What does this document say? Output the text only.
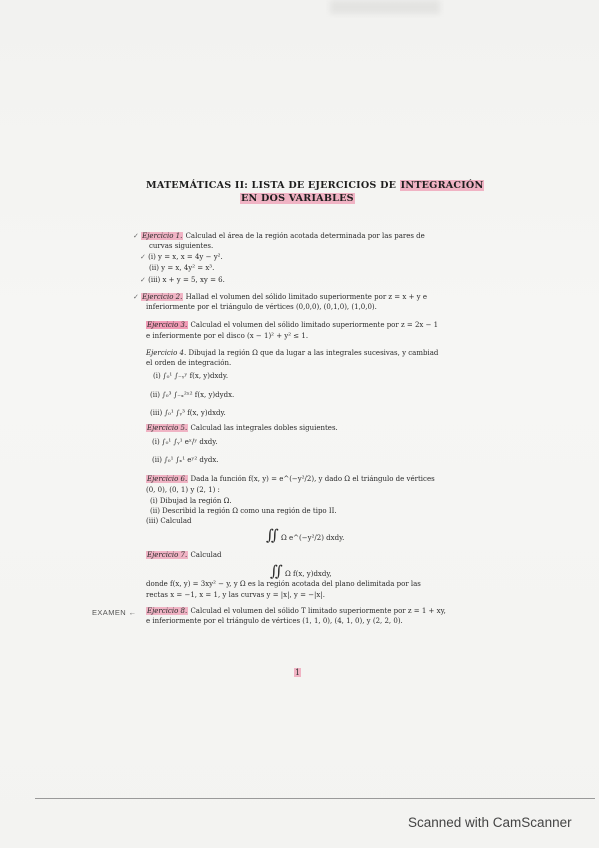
MATEMÁTICAS II: LISTA DE EJERCICIOS DE INTEGRACIÓN
EN DOS VARIABLES
✓ Ejercicio 1. Calculad el área de la región acotada determinada por las pares de
curvas siguientes.
✓ (i) y = x, x = 4y − y².
(ii) y = x, 4y² = x³.
✓ (iii) x + y = 5, xy = 6.
✓ Ejercicio 2. Hallad el volumen del sólido limitado superiormente por z = x + y e
inferiormente por el triángulo de vértices (0,0,0), (0,1,0), (1,0,0).
Ejercicio 3. Calculad el volumen del sólido limitado superiormente por z = 2x − 1
e inferiormente por el disco (x − 1)² + y² ≤ 1.
Ejercicio 4. Dibujad la región Ω que da lugar a las integrales sucesivas, y cambiad
el orden de integración.
(i) ∫₀¹ ∫₋ᵧʸ f(x, y)dxdy.
(ii) ∫₀³ ∫₋ₓ²ˣ² f(x, y)dydx.
(iii) ∫₀¹ ∫ᵧ³ f(x, y)dxdy.
Ejercicio 5. Calculad las integrales dobles siguientes.
(i) ∫₀¹ ∫ᵧ¹ eˣ/ʸ dxdy.
(ii) ∫₀¹ ∫ₓ¹ eʸ² dydx.
Ejercicio 6. Dada la función f(x, y) = e^(−y²/2), y dado Ω el triángulo de vértices
(0, 0), (0, 1) y (2, 1) :
(i) Dibujad la región Ω.
(ii) Describid la región Ω como una región de tipo II.
(iii) Calculad
∬ Ω e^(−y²/2) dxdy.
Ejercicio 7. Calculad
∬ Ω f(x, y)dxdy,
donde f(x, y) = 3xy² − y, y Ω es la región acotada del plano delimitada por las
rectas x = −1, x = 1, y las curvas y = |x|, y = −|x|.
Ejercicio 8. Calculad el volumen del sólido T limitado superiormente por z = 1 + xy,
e inferiormente por el triángulo de vértices (1, 1, 0), (4, 1, 0), y (2, 2, 0).
EXAMEN ←
1
Scanned with CamScanner
